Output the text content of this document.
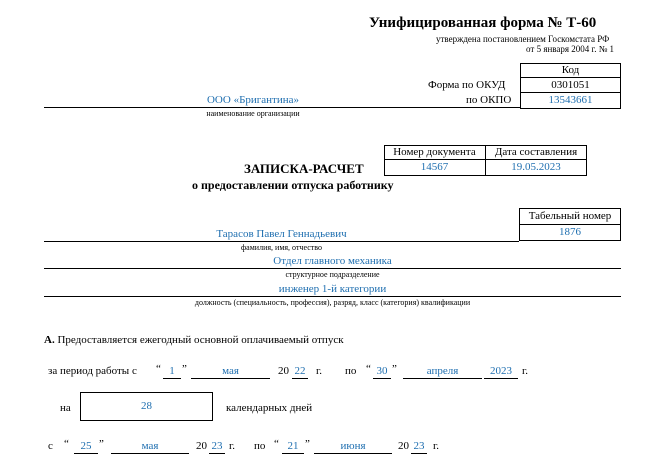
Унифицированная форма № Т-60
утверждена постановлением Госкомстата РФ
от 5 января 2004 г. № 1
Код
0301051
13543661
Форма по ОКУД
по ОКПО
ООО «Бригантина»
наименование организации
Номер документа	Дата составления
14567	19.05.2023
ЗАПИСКА-РАСЧЕТ
о предоставлении отпуска работнику
Табельный номер
1876
Тарасов Павел Геннадьевич
фамилия, имя, отчество
Отдел главного механика
структурное подразделение
инженер 1-й категории
должность (специальность, профессия), разряд, класс (категория) квалификации
А. Предоставляется ежегодный основной оплачиваемый отпуск
за период работы с “ 1 ”	мая	20 22 г. по “ 30 ”	апреля	2023 г.
на	28	календарных дней
с “	25 ”	мая	20 23 г. по “ 21 ”	июня	20 23 г.
